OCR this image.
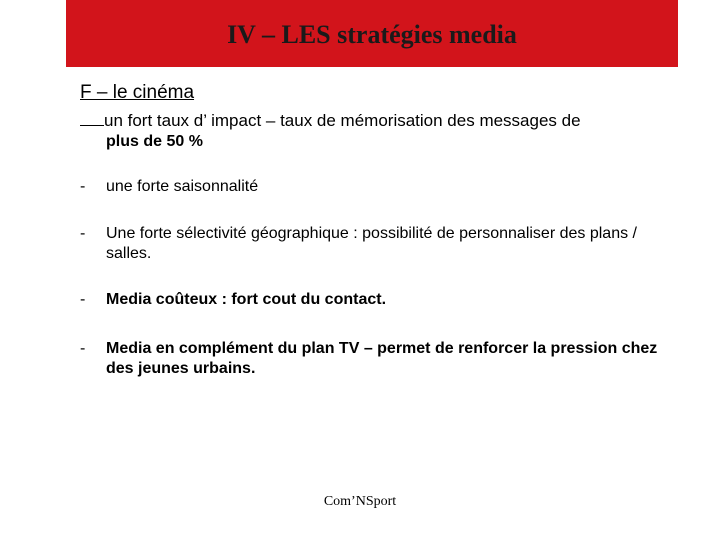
IV – LES stratégies media
F – le cinéma
un fort taux d’ impact – taux de mémorisation des messages de
plus de 50 %
-	une forte saisonnalité
-	Une forte sélectivité géographique : possibilité de personnaliser des plans / salles.
-	Media coûteux : fort cout du contact.
-	Media en complément du plan TV – permet de renforcer la pression chez des jeunes urbains.
Com’NSport
